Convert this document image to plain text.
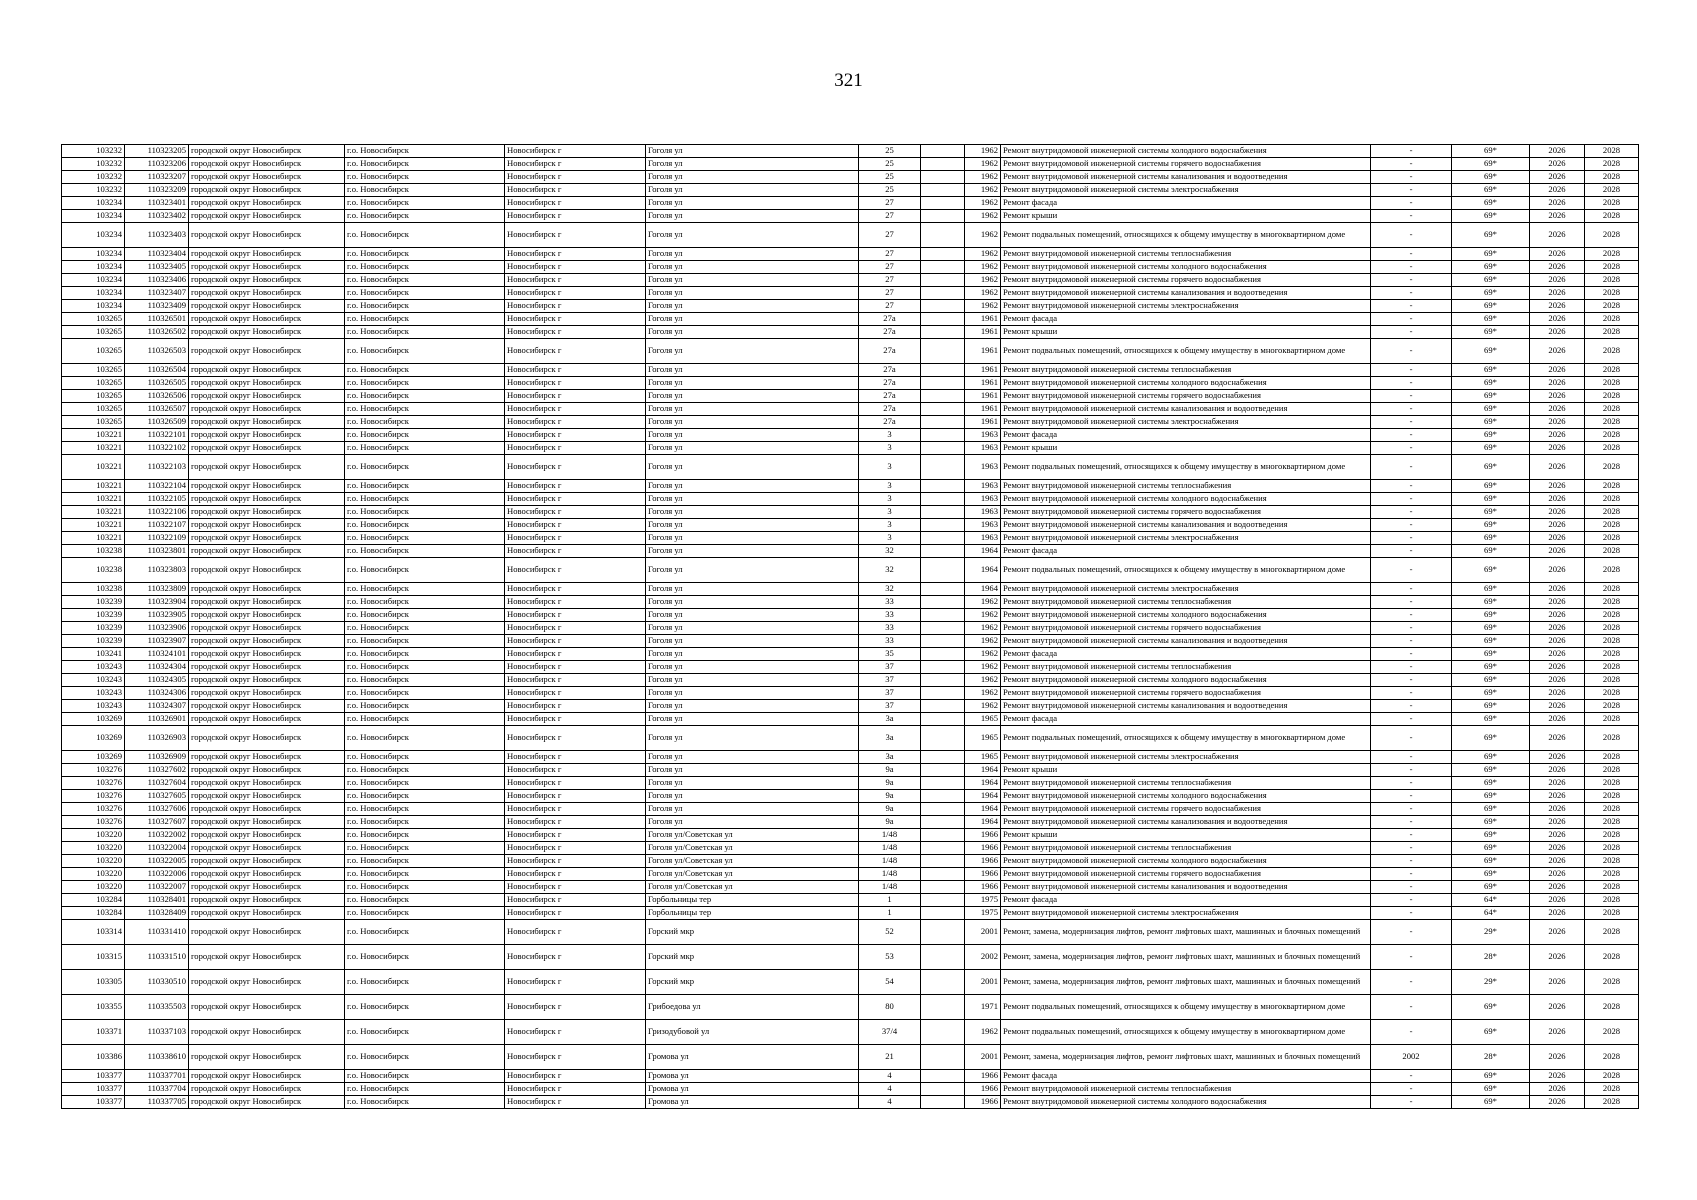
321
103232	110323205	городской округ Новосибирск	г.о. Новосибирск	Новосибирск г	Гоголя ул	25		1962	Ремонт внутридомовой инженерной системы холодного водоснабжения	-	69*	2026	2028
103232	110323206	городской округ Новосибирск	г.о. Новосибирск	Новосибирск г	Гоголя ул	25		1962	Ремонт внутридомовой инженерной системы горячего водоснабжения	-	69*	2026	2028
103232	110323207	городской округ Новосибирск	г.о. Новосибирск	Новосибирск г	Гоголя ул	25		1962	Ремонт внутридомовой инженерной системы канализования и водоотведения	-	69*	2026	2028
103232	110323209	городской округ Новосибирск	г.о. Новосибирск	Новосибирск г	Гоголя ул	25		1962	Ремонт внутридомовой инженерной системы электроснабжения	-	69*	2026	2028
103234	110323401	городской округ Новосибирск	г.о. Новосибирск	Новосибирск г	Гоголя ул	27		1962	Ремонт фасада	-	69*	2026	2028
103234	110323402	городской округ Новосибирск	г.о. Новосибирск	Новосибирск г	Гоголя ул	27		1962	Ремонт крыши	-	69*	2026	2028
103234	110323403	городской округ Новосибирск	г.о. Новосибирск	Новосибирск г	Гоголя ул	27		1962	Ремонт подвальных помещений, относящихся к общему имуществу в многоквартирном доме	-	69*	2026	2028
103234	110323404	городской округ Новосибирск	г.о. Новосибирск	Новосибирск г	Гоголя ул	27		1962	Ремонт внутридомовой инженерной системы теплоснабжения	-	69*	2026	2028
103234	110323405	городской округ Новосибирск	г.о. Новосибирск	Новосибирск г	Гоголя ул	27		1962	Ремонт внутридомовой инженерной системы холодного водоснабжения	-	69*	2026	2028
103234	110323406	городской округ Новосибирск	г.о. Новосибирск	Новосибирск г	Гоголя ул	27		1962	Ремонт внутридомовой инженерной системы горячего водоснабжения	-	69*	2026	2028
103234	110323407	городской округ Новосибирск	г.о. Новосибирск	Новосибирск г	Гоголя ул	27		1962	Ремонт внутридомовой инженерной системы канализования и водоотведения	-	69*	2026	2028
103234	110323409	городской округ Новосибирск	г.о. Новосибирск	Новосибирск г	Гоголя ул	27		1962	Ремонт внутридомовой инженерной системы электроснабжения	-	69*	2026	2028
103265	110326501	городской округ Новосибирск	г.о. Новосибирск	Новосибирск г	Гоголя ул	27а		1961	Ремонт фасада	-	69*	2026	2028
103265	110326502	городской округ Новосибирск	г.о. Новосибирск	Новосибирск г	Гоголя ул	27а		1961	Ремонт крыши	-	69*	2026	2028
103265	110326503	городской округ Новосибирск	г.о. Новосибирск	Новосибирск г	Гоголя ул	27а		1961	Ремонт подвальных помещений, относящихся к общему имуществу в многоквартирном доме	-	69*	2026	2028
103265	110326504	городской округ Новосибирск	г.о. Новосибирск	Новосибирск г	Гоголя ул	27а		1961	Ремонт внутридомовой инженерной системы теплоснабжения	-	69*	2026	2028
103265	110326505	городской округ Новосибирск	г.о. Новосибирск	Новосибирск г	Гоголя ул	27а		1961	Ремонт внутридомовой инженерной системы холодного водоснабжения	-	69*	2026	2028
103265	110326506	городской округ Новосибирск	г.о. Новосибирск	Новосибирск г	Гоголя ул	27а		1961	Ремонт внутридомовой инженерной системы горячего водоснабжения	-	69*	2026	2028
103265	110326507	городской округ Новосибирск	г.о. Новосибирск	Новосибирск г	Гоголя ул	27а		1961	Ремонт внутридомовой инженерной системы канализования и водоотведения	-	69*	2026	2028
103265	110326509	городской округ Новосибирск	г.о. Новосибирск	Новосибирск г	Гоголя ул	27а		1961	Ремонт внутридомовой инженерной системы электроснабжения	-	69*	2026	2028
103221	110322101	городской округ Новосибирск	г.о. Новосибирск	Новосибирск г	Гоголя ул	3		1963	Ремонт фасада	-	69*	2026	2028
103221	110322102	городской округ Новосибирск	г.о. Новосибирск	Новосибирск г	Гоголя ул	3		1963	Ремонт крыши	-	69*	2026	2028
103221	110322103	городской округ Новосибирск	г.о. Новосибирск	Новосибирск г	Гоголя ул	3		1963	Ремонт подвальных помещений, относящихся к общему имуществу в многоквартирном доме	-	69*	2026	2028
103221	110322104	городской округ Новосибирск	г.о. Новосибирск	Новосибирск г	Гоголя ул	3		1963	Ремонт внутридомовой инженерной системы теплоснабжения	-	69*	2026	2028
103221	110322105	городской округ Новосибирск	г.о. Новосибирск	Новосибирск г	Гоголя ул	3		1963	Ремонт внутридомовой инженерной системы холодного водоснабжения	-	69*	2026	2028
103221	110322106	городской округ Новосибирск	г.о. Новосибирск	Новосибирск г	Гоголя ул	3		1963	Ремонт внутридомовой инженерной системы горячего водоснабжения	-	69*	2026	2028
103221	110322107	городской округ Новосибирск	г.о. Новосибирск	Новосибирск г	Гоголя ул	3		1963	Ремонт внутридомовой инженерной системы канализования и водоотведения	-	69*	2026	2028
103221	110322109	городской округ Новосибирск	г.о. Новосибирск	Новосибирск г	Гоголя ул	3		1963	Ремонт внутридомовой инженерной системы электроснабжения	-	69*	2026	2028
103238	110323801	городской округ Новосибирск	г.о. Новосибирск	Новосибирск г	Гоголя ул	32		1964	Ремонт фасада	-	69*	2026	2028
103238	110323803	городской округ Новосибирск	г.о. Новосибирск	Новосибирск г	Гоголя ул	32		1964	Ремонт подвальных помещений, относящихся к общему имуществу в многоквартирном доме	-	69*	2026	2028
103238	110323809	городской округ Новосибирск	г.о. Новосибирск	Новосибирск г	Гоголя ул	32		1964	Ремонт внутридомовой инженерной системы электроснабжения	-	69*	2026	2028
103239	110323904	городской округ Новосибирск	г.о. Новосибирск	Новосибирск г	Гоголя ул	33		1962	Ремонт внутридомовой инженерной системы теплоснабжения	-	69*	2026	2028
103239	110323905	городской округ Новосибирск	г.о. Новосибирск	Новосибирск г	Гоголя ул	33		1962	Ремонт внутридомовой инженерной системы холодного водоснабжения	-	69*	2026	2028
103239	110323906	городской округ Новосибирск	г.о. Новосибирск	Новосибирск г	Гоголя ул	33		1962	Ремонт внутридомовой инженерной системы горячего водоснабжения	-	69*	2026	2028
103239	110323907	городской округ Новосибирск	г.о. Новосибирск	Новосибирск г	Гоголя ул	33		1962	Ремонт внутридомовой инженерной системы канализования и водоотведения	-	69*	2026	2028
103241	110324101	городской округ Новосибирск	г.о. Новосибирск	Новосибирск г	Гоголя ул	35		1962	Ремонт фасада	-	69*	2026	2028
103243	110324304	городской округ Новосибирск	г.о. Новосибирск	Новосибирск г	Гоголя ул	37		1962	Ремонт внутридомовой инженерной системы теплоснабжения	-	69*	2026	2028
103243	110324305	городской округ Новосибирск	г.о. Новосибирск	Новосибирск г	Гоголя ул	37		1962	Ремонт внутридомовой инженерной системы холодного водоснабжения	-	69*	2026	2028
103243	110324306	городской округ Новосибирск	г.о. Новосибирск	Новосибирск г	Гоголя ул	37		1962	Ремонт внутридомовой инженерной системы горячего водоснабжения	-	69*	2026	2028
103243	110324307	городской округ Новосибирск	г.о. Новосибирск	Новосибирск г	Гоголя ул	37		1962	Ремонт внутридомовой инженерной системы канализования и водоотведения	-	69*	2026	2028
103269	110326901	городской округ Новосибирск	г.о. Новосибирск	Новосибирск г	Гоголя ул	3а		1965	Ремонт фасада	-	69*	2026	2028
103269	110326903	городской округ Новосибирск	г.о. Новосибирск	Новосибирск г	Гоголя ул	3а		1965	Ремонт подвальных помещений, относящихся к общему имуществу в многоквартирном доме	-	69*	2026	2028
103269	110326909	городской округ Новосибирск	г.о. Новосибирск	Новосибирск г	Гоголя ул	3а		1965	Ремонт внутридомовой инженерной системы электроснабжения	-	69*	2026	2028
103276	110327602	городской округ Новосибирск	г.о. Новосибирск	Новосибирск г	Гоголя ул	9а		1964	Ремонт крыши	-	69*	2026	2028
103276	110327604	городской округ Новосибирск	г.о. Новосибирск	Новосибирск г	Гоголя ул	9а		1964	Ремонт внутридомовой инженерной системы теплоснабжения	-	69*	2026	2028
103276	110327605	городской округ Новосибирск	г.о. Новосибирск	Новосибирск г	Гоголя ул	9а		1964	Ремонт внутридомовой инженерной системы холодного водоснабжения	-	69*	2026	2028
103276	110327606	городской округ Новосибирск	г.о. Новосибирск	Новосибирск г	Гоголя ул	9а		1964	Ремонт внутридомовой инженерной системы горячего водоснабжения	-	69*	2026	2028
103276	110327607	городской округ Новосибирск	г.о. Новосибирск	Новосибирск г	Гоголя ул	9а		1964	Ремонт внутридомовой инженерной системы канализования и водоотведения	-	69*	2026	2028
103220	110322002	городской округ Новосибирск	г.о. Новосибирск	Новосибирск г	Гоголя ул/Советская ул	1/48		1966	Ремонт крыши	-	69*	2026	2028
103220	110322004	городской округ Новосибирск	г.о. Новосибирск	Новосибирск г	Гоголя ул/Советская ул	1/48		1966	Ремонт внутридомовой инженерной системы теплоснабжения	-	69*	2026	2028
103220	110322005	городской округ Новосибирск	г.о. Новосибирск	Новосибирск г	Гоголя ул/Советская ул	1/48		1966	Ремонт внутридомовой инженерной системы холодного водоснабжения	-	69*	2026	2028
103220	110322006	городской округ Новосибирск	г.о. Новосибирск	Новосибирск г	Гоголя ул/Советская ул	1/48		1966	Ремонт внутридомовой инженерной системы горячего водоснабжения	-	69*	2026	2028
103220	110322007	городской округ Новосибирск	г.о. Новосибирск	Новосибирск г	Гоголя ул/Советская ул	1/48		1966	Ремонт внутридомовой инженерной системы канализования и водоотведения	-	69*	2026	2028
103284	110328401	городской округ Новосибирск	г.о. Новосибирск	Новосибирск г	Горбольницы тер	1		1975	Ремонт фасада	-	64*	2026	2028
103284	110328409	городской округ Новосибирск	г.о. Новосибирск	Новосибирск г	Горбольницы тер	1		1975	Ремонт внутридомовой инженерной системы электроснабжения	-	64*	2026	2028
103314	110331410	городской округ Новосибирск	г.о. Новосибирск	Новосибирск г	Горский мкр	52		2001	Ремонт, замена, модернизация лифтов, ремонт лифтовых шахт, машинных и блочных помещений	-	29*	2026	2028
103315	110331510	городской округ Новосибирск	г.о. Новосибирск	Новосибирск г	Горский мкр	53		2002	Ремонт, замена, модернизация лифтов, ремонт лифтовых шахт, машинных и блочных помещений	-	28*	2026	2028
103305	110330510	городской округ Новосибирск	г.о. Новосибирск	Новосибирск г	Горский мкр	54		2001	Ремонт, замена, модернизация лифтов, ремонт лифтовых шахт, машинных и блочных помещений	-	29*	2026	2028
103355	110335503	городской округ Новосибирск	г.о. Новосибирск	Новосибирск г	Грибоедова ул	80		1971	Ремонт подвальных помещений, относящихся к общему имуществу в многоквартирном доме	-	69*	2026	2028
103371	110337103	городской округ Новосибирск	г.о. Новосибирск	Новосибирск г	Гризодубовой ул	37/4		1962	Ремонт подвальных помещений, относящихся к общему имуществу в многоквартирном доме	-	69*	2026	2028
103386	110338610	городской округ Новосибирск	г.о. Новосибирск	Новосибирск г	Громова ул	21		2001	Ремонт, замена, модернизация лифтов, ремонт лифтовых шахт, машинных и блочных помещений	2002	28*	2026	2028
103377	110337701	городской округ Новосибирск	г.о. Новосибирск	Новосибирск г	Громова ул	4		1966	Ремонт фасада	-	69*	2026	2028
103377	110337704	городской округ Новосибирск	г.о. Новосибирск	Новосибирск г	Громова ул	4		1966	Ремонт внутридомовой инженерной системы теплоснабжения	-	69*	2026	2028
103377	110337705	городской округ Новосибирск	г.о. Новосибирск	Новосибирск г	Громова ул	4		1966	Ремонт внутридомовой инженерной системы холодного водоснабжения	-	69*	2026	2028
